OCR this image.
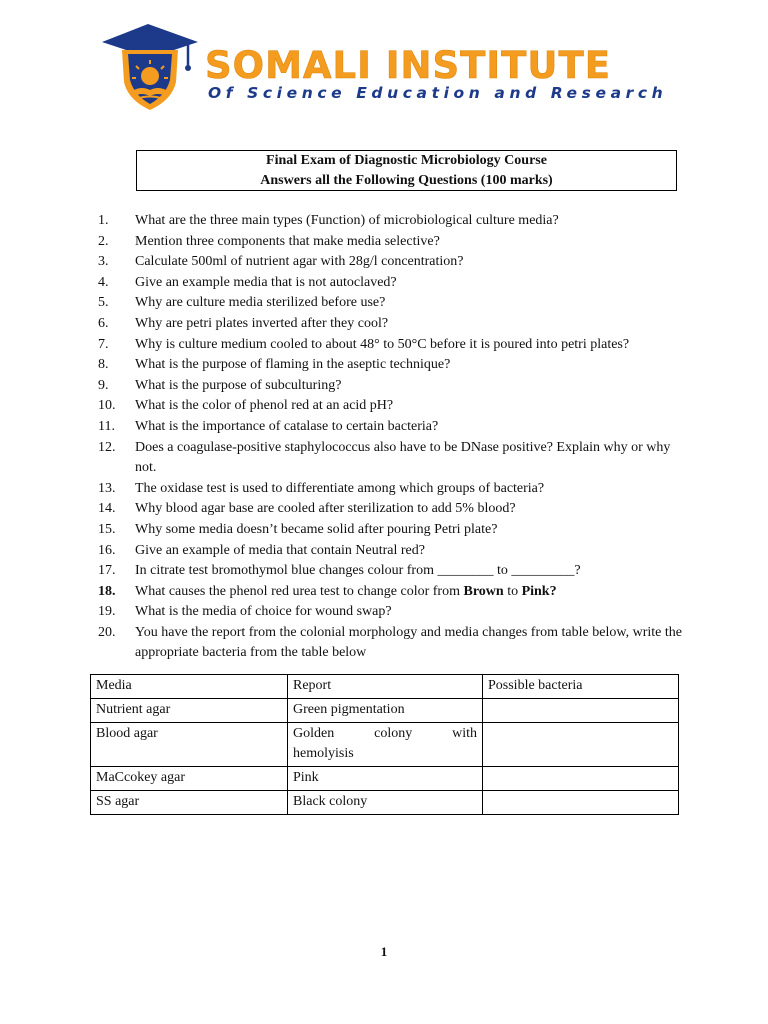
SOMALI INSTITUTE
Of Science Education and Research
Final Exam of Diagnostic Microbiology Course
Answers all the Following Questions (100 marks)
1.	What are the three main types (Function) of microbiological culture media?
2.	Mention three components that make media selective?
3.	Calculate 500ml of nutrient agar with 28g/l concentration?
4.	Give an example media that is not autoclaved?
5.	Why are culture media sterilized before use?
6.	Why are petri plates inverted after they cool?
7.	Why is culture medium cooled to about 48° to 50°C before it is poured into petri plates?
8.	What is the purpose of flaming in the aseptic technique?
9.	What is the purpose of subculturing?
10.	What is the color of phenol red at an acid pH?
11.	What is the importance of catalase to certain bacteria?
12.	Does a coagulase-positive staphylococcus also have to be DNase positive? Explain why or why not.
13.	The oxidase test is used to differentiate among which groups of bacteria?
14.	Why blood agar base are cooled after sterilization to add 5% blood?
15.	Why some media doesn’t became solid after pouring Petri plate?
16.	Give an example of media that contain Neutral red?
17.	In citrate test bromothymol blue changes colour from ________ to _________?
18.	What causes the phenol red urea test to change color from Brown to Pink?
19.	What is the media of choice for wound swap?
20.	You have the report from the colonial morphology and media changes from table below, write the appropriate bacteria from the table below
Media	Report	Possible bacteria
Nutrient agar	Green pigmentation	
Blood agar	Golden colony with
hemolyisis	

MaCcokey agar	Pink	
SS agar	Black colony	
1
